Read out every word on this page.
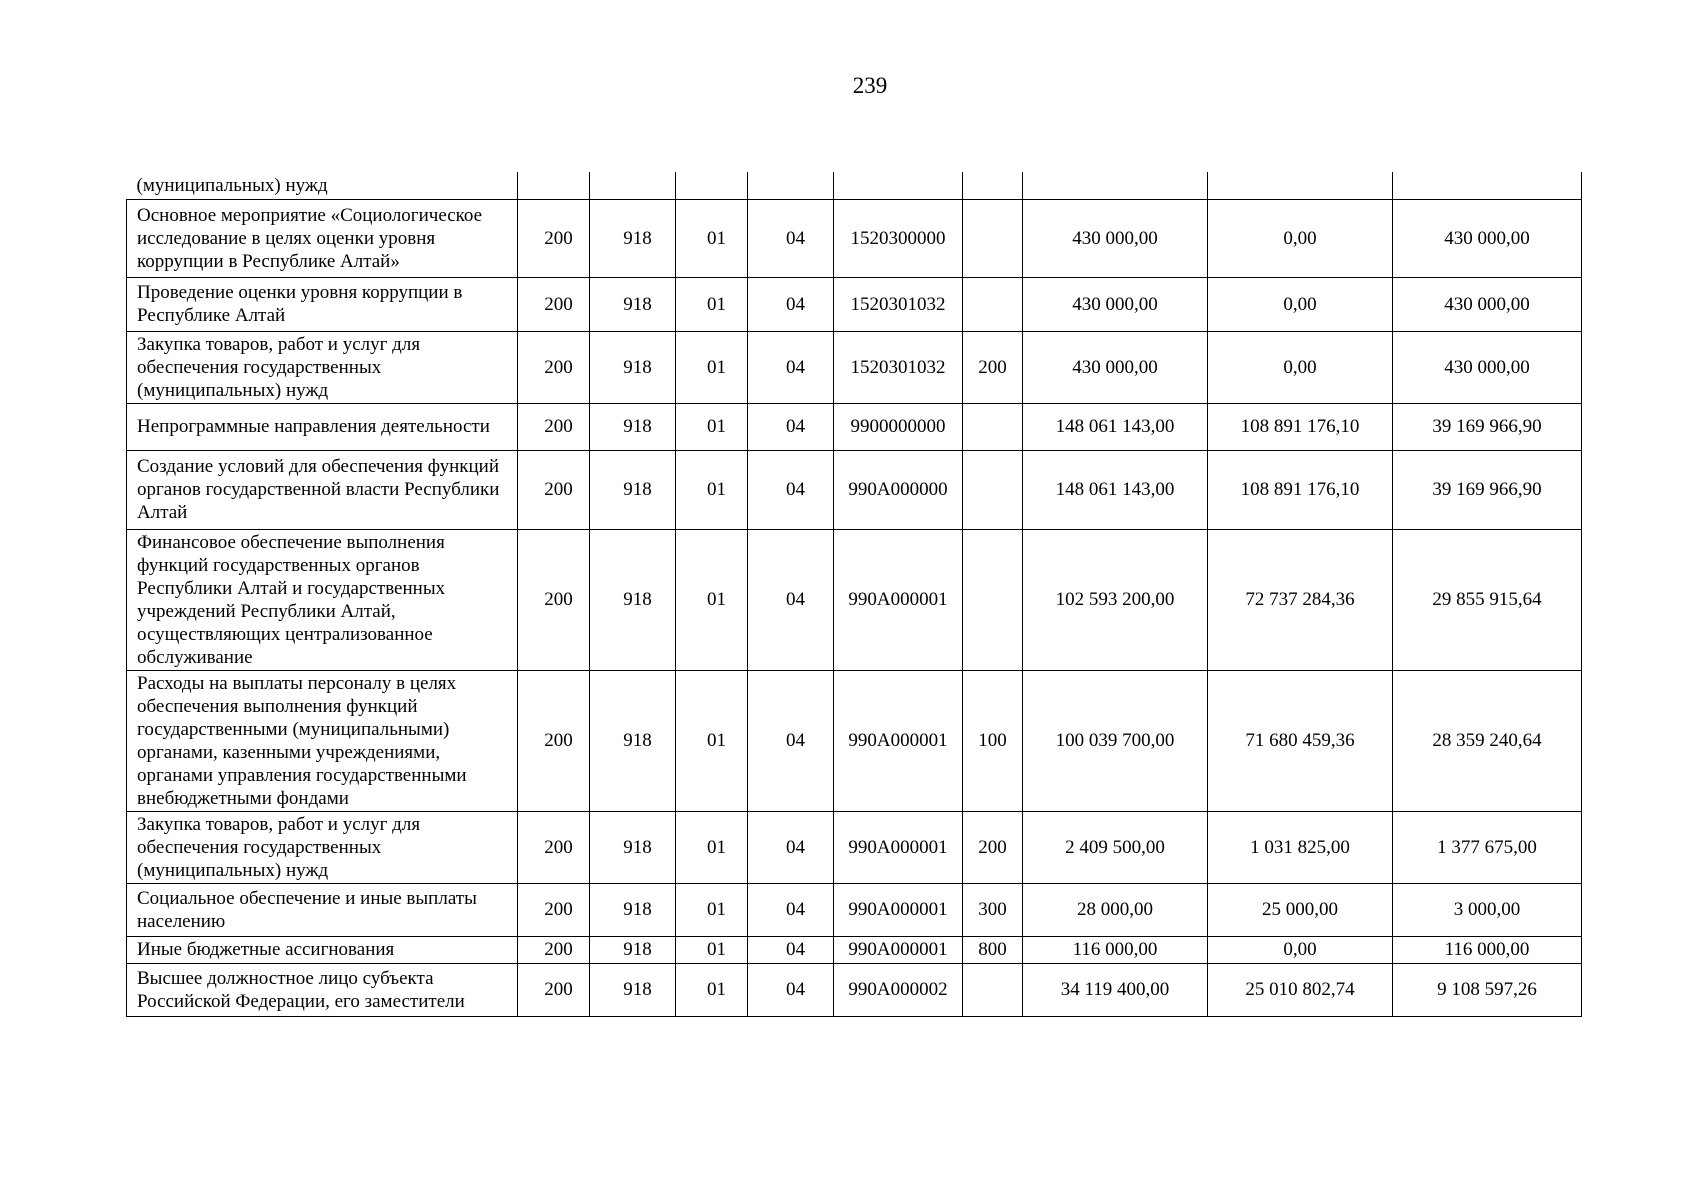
239
(муниципальных) нужд									
Основное мероприятие «Социологическое исследование в целях оценки уровня коррупции в Республике Алтай»	200	918	01	04	1520300000		430 000,00	0,00	430 000,00
Проведение оценки уровня коррупции в Республике Алтай	200	918	01	04	1520301032		430 000,00	0,00	430 000,00
Закупка товаров, работ и услуг для обеспечения государственных (муниципальных) нужд	200	918	01	04	1520301032	200	430 000,00	0,00	430 000,00
Непрограммные направления деятельности	200	918	01	04	9900000000		148 061 143,00	108 891 176,10	39 169 966,90
Создание условий для обеспечения функций органов государственной власти Республики Алтай	200	918	01	04	990А000000		148 061 143,00	108 891 176,10	39 169 966,90
Финансовое обеспечение выполнения функций государственных органов Республики Алтай и государственных учреждений Республики Алтай, осуществляющих централизованное обслуживание	200	918	01	04	990А000001		102 593 200,00	72 737 284,36	29 855 915,64
Расходы на выплаты персоналу в целях обеспечения выполнения функций государственными (муниципальными) органами, казенными учреждениями, органами управления государственными внебюджетными фондами	200	918	01	04	990А000001	100	100 039 700,00	71 680 459,36	28 359 240,64
Закупка товаров, работ и услуг для обеспечения государственных (муниципальных) нужд	200	918	01	04	990А000001	200	2 409 500,00	1 031 825,00	1 377 675,00
Социальное обеспечение и иные выплаты населению	200	918	01	04	990А000001	300	28 000,00	25 000,00	3 000,00
Иные бюджетные ассигнования	200	918	01	04	990А000001	800	116 000,00	0,00	116 000,00
Высшее должностное лицо субъекта Российской Федерации, его заместители	200	918	01	04	990А000002		34 119 400,00	25 010 802,74	9 108 597,26
